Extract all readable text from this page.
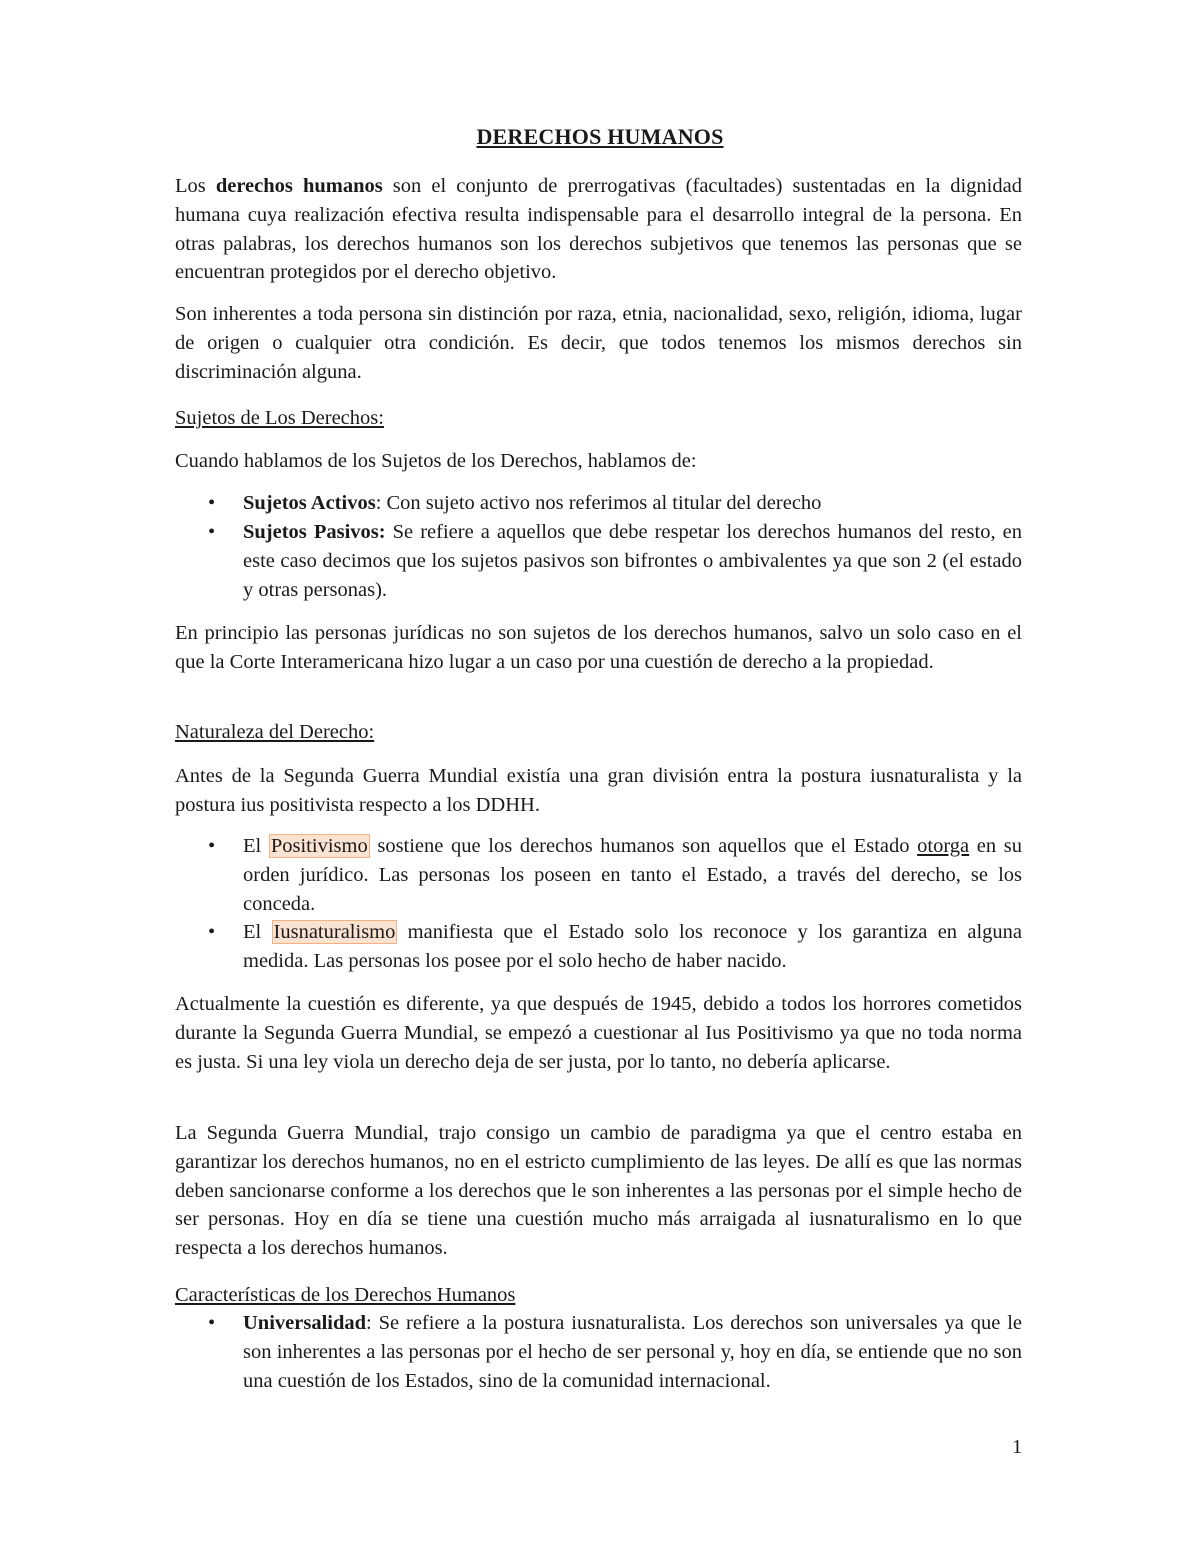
DERECHOS HUMANOS

Los derechos humanos son el conjunto de prerrogativas (facultades) sustentadas en la dignidad humana cuya realización efectiva resulta indispensable para el desarrollo integral de la persona. En otras palabras, los derechos humanos son los derechos subjetivos que tenemos las personas que se encuentran protegidos por el derecho objetivo.

Son inherentes a toda persona sin distinción por raza, etnia, nacionalidad, sexo, religión, idioma, lugar de origen o cualquier otra condición. Es decir, que todos tenemos los mismos derechos sin discriminación alguna.

Sujetos de Los Derechos:

Cuando hablamos de los Sujetos de los Derechos, hablamos de:

• Sujetos Activos: Con sujeto activo nos referimos al titular del derecho
• Sujetos Pasivos: Se refiere a aquellos que debe respetar los derechos humanos del resto, en este caso decimos que los sujetos pasivos son bifrontes o ambivalentes ya que son 2 (el estado y otras personas).

En principio las personas jurídicas no son sujetos de los derechos humanos, salvo un solo caso en el que la Corte Interamericana hizo lugar a un caso por una cuestión de derecho a la propiedad.

Naturaleza del Derecho:

Antes de la Segunda Guerra Mundial existía una gran división entra la postura iusnaturalista y la postura ius positivista respecto a los DDHH.

• El Positivismo sostiene que los derechos humanos son aquellos que el Estado otorga en su orden jurídico. Las personas los poseen en tanto el Estado, a través del derecho, se los conceda.
• El Iusnaturalismo manifiesta que el Estado solo los reconoce y los garantiza en alguna medida. Las personas los posee por el solo hecho de haber nacido.

Actualmente la cuestión es diferente, ya que después de 1945, debido a todos los horrores cometidos durante la Segunda Guerra Mundial, se empezó a cuestionar al Ius Positivismo ya que no toda norma es justa. Si una ley viola un derecho deja de ser justa, por lo tanto, no debería aplicarse.

La Segunda Guerra Mundial, trajo consigo un cambio de paradigma ya que el centro estaba en garantizar los derechos humanos, no en el estricto cumplimiento de las leyes. De allí es que las normas deben sancionarse conforme a los derechos que le son inherentes a las personas por el simple hecho de ser personas. Hoy en día se tiene una cuestión mucho más arraigada al iusnaturalismo en lo que respecta a los derechos humanos.

Características de los Derechos Humanos

• Universalidad: Se refiere a la postura iusnaturalista. Los derechos son universales ya que le son inherentes a las personas por el hecho de ser personal y, hoy en día, se entiende que no son una cuestión de los Estados, sino de la comunidad internacional.
1
